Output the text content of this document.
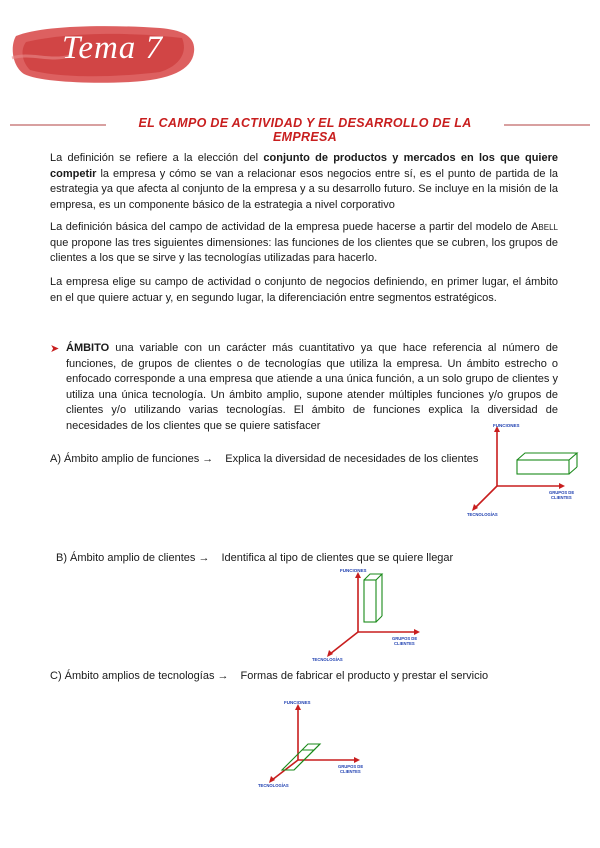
Tema 7
EL CAMPO DE ACTIVIDAD Y EL DESARROLLO DE LA EMPRESA
La definición se refiere a la elección del conjunto de productos y mercados en los que quiere competir la empresa y cómo se van a relacionar esos negocios entre sí, es el punto de partida de la estrategia ya que afecta al conjunto de la empresa y a su desarrollo futuro. Se incluye en la misión de la empresa, es un componente básico de la estrategia a nivel corporativo
La definición básica del campo de actividad de la empresa puede hacerse a partir del modelo de Abell que propone las tres siguientes dimensiones: las funciones de los clientes que se cubren, los grupos de clientes a los que se sirve y las tecnologías utilizadas para hacerlo.
La empresa elige su campo de actividad o conjunto de negocios definiendo, en primer lugar, el ámbito en el que quiere actuar y, en segundo lugar, la diferenciación entre segmentos estratégicos.
➤ ÁMBITO una variable con un carácter más cuantitativo ya que hace referencia al número de funciones, de grupos de clientes o de tecnologías que utiliza la empresa. Un ámbito estrecho o enfocado corresponde a una empresa que atiende a una única función, a un solo grupo de clientes y utiliza una única tecnología. Un ámbito amplio, supone atender múltiples funciones y/o grupos de clientes y/o utilizando varias tecnologías. El ámbito de funciones explica la diversidad de necesidades de los clientes que se quiere satisfacer
A) Ámbito amplio de funciones → Explica la diversidad de necesidades de los clientes
FUNCIONES
GRUPOS DE
CLIENTES
TECNOLOGÍAS
B) Ámbito amplio de clientes → Identifica al tipo de clientes que se quiere llegar
FUNCIONES
GRUPOS DE
CLIENTES
TECNOLOGÍAS
C) Ámbito amplios de tecnologías → Formas de fabricar el producto y prestar el servicio
FUNCIONES
GRUPOS DE
CLIENTES
TECNOLOGÍAS
